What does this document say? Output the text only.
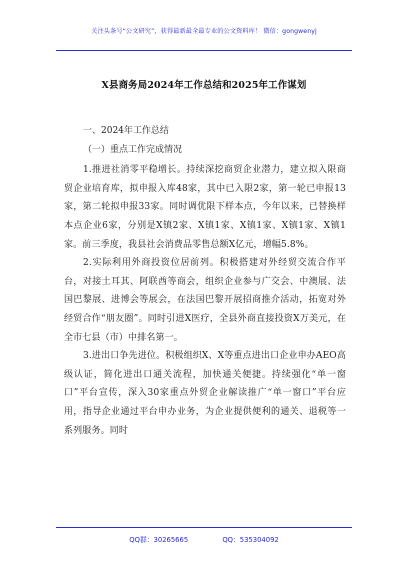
关注头条号“公文研究”，获得最新最全最专业的公文资料库！ 微信：gongwenyj
X县商务局2024年工作总结和2025年工作谋划
一、2024年工作总结
（一）重点工作完成情况

1.推进社消零平稳增长。持续深挖商贸企业潜力，建立拟入限商贸企业培育库，拟申报入库48家，其中已入限2家，第一轮已申报13家，第二轮拟申报33家。同时调优限下样本点，今年以来，已替换样本点企业6家，分别是X镇2家、X镇1家、X镇1家、X镇1家、X镇1家。前三季度，我县社会消费品零售总额X亿元，增幅5.8%。

2.实际利用外商投资位居前列。积极搭建对外经贸交流合作平台，对接土耳其、阿联酋等商会，组织企业参与广交会、中澳展、法国巴黎展、进博会等展会，在法国巴黎开展招商推介活动，拓宽对外经贸合作“朋友圈”。同时引进X医疗，全县外商直接投资X万美元，在全市七县（市）中排名第一。

3.进出口争先进位。积极组织X、X等重点进出口企业申办AEO高级认证，简化进出口通关流程，加快通关便捷。持续强化“单一窗口”平台宣传，深入30家重点外贸企业解读推广“单一窗口”平台应用，指导企业通过平台申办业务，为企业提供便利的通关、退税等一系列服务。同时

QQ群：30265665	QQ：535304092
